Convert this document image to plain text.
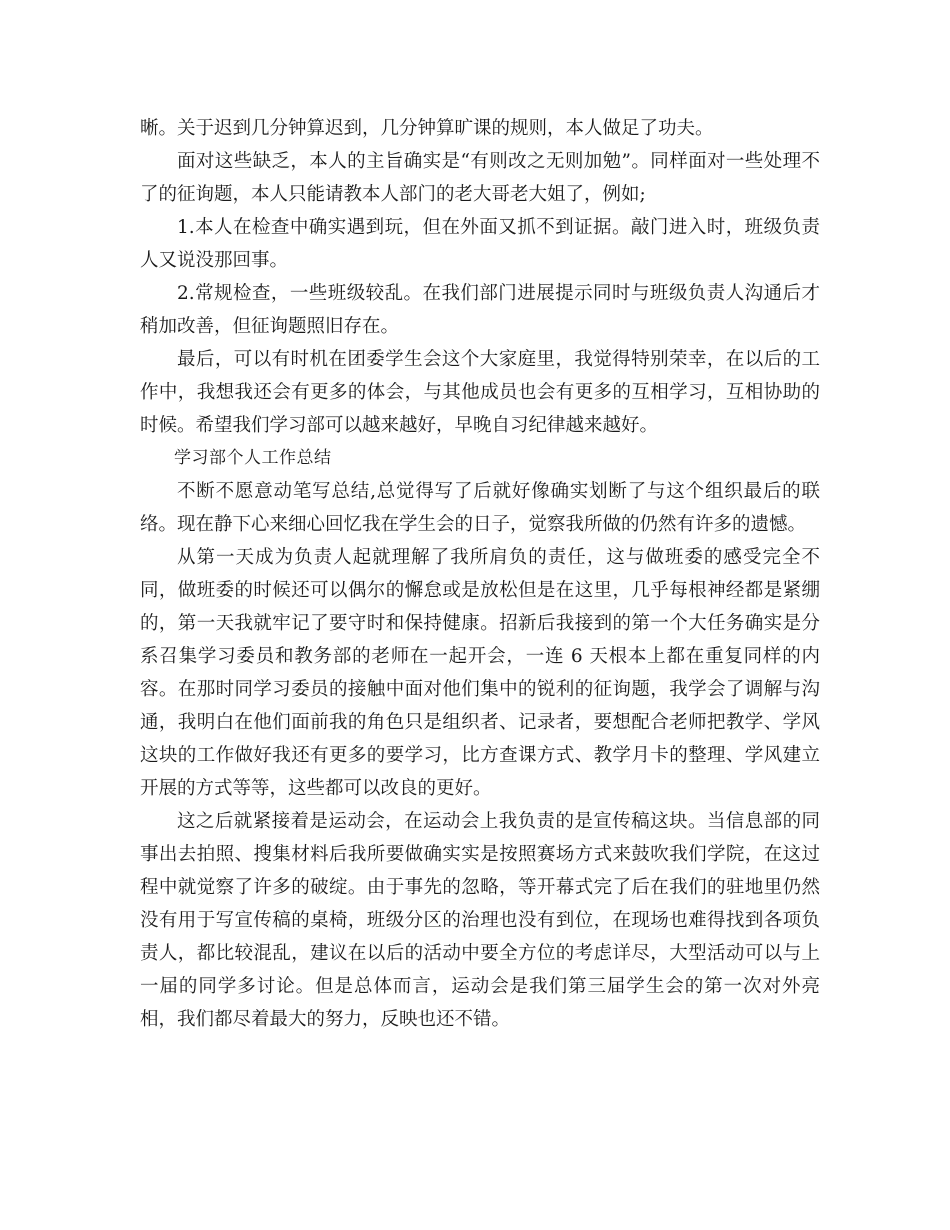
晰。关于迟到几分钟算迟到，几分钟算旷课的规则，本人做足了功夫。

面对这些缺乏，本人的主旨确实是“有则改之无则加勉”。同样面对一些处理不了的征询题，本人只能请教本人部门的老大哥老大姐了，例如;

1.本人在检查中确实遇到玩，但在外面又抓不到证据。敲门进入时，班级负责人又说没那回事。

2.常规检查，一些班级较乱。在我们部门进展提示同时与班级负责人沟通后才稍加改善，但征询题照旧存在。

最后，可以有时机在团委学生会这个大家庭里，我觉得特别荣幸，在以后的工作中，我想我还会有更多的体会，与其他成员也会有更多的互相学习，互相协助的时候。希望我们学习部可以越来越好，早晚自习纪律越来越好。

学习部个人工作总结

不断不愿意动笔写总结,总觉得写了后就好像确实划断了与这个组织最后的联络。现在静下心来细心回忆我在学生会的日子，觉察我所做的仍然有许多的遗憾。

从第一天成为负责人起就理解了我所肩负的责任，这与做班委的感受完全不同，做班委的时候还可以偶尔的懈怠或是放松但是在这里，几乎每根神经都是紧绷的，第一天我就牢记了要守时和保持健康。招新后我接到的第一个大任务确实是分系召集学习委员和教务部的老师在一起开会，一连 6 天根本上都在重复同样的内容。在那时同学习委员的接触中面对他们集中的锐利的征询题，我学会了调解与沟通，我明白在他们面前我的角色只是组织者、记录者，要想配合老师把教学、学风这块的工作做好我还有更多的要学习，比方查课方式、教学月卡的整理、学风建立开展的方式等等，这些都可以改良的更好。

这之后就紧接着是运动会，在运动会上我负责的是宣传稿这块。当信息部的同事出去拍照、搜集材料后我所要做确实实是按照赛场方式来鼓吹我们学院，在这过程中就觉察了许多的破绽。由于事先的忽略，等开幕式完了后在我们的驻地里仍然没有用于写宣传稿的桌椅，班级分区的治理也没有到位，在现场也难得找到各项负责人，都比较混乱，建议在以后的活动中要全方位的考虑详尽，大型活动可以与上一届的同学多讨论。但是总体而言，运动会是我们第三届学生会的第一次对外亮相，我们都尽着最大的努力，反映也还不错。
